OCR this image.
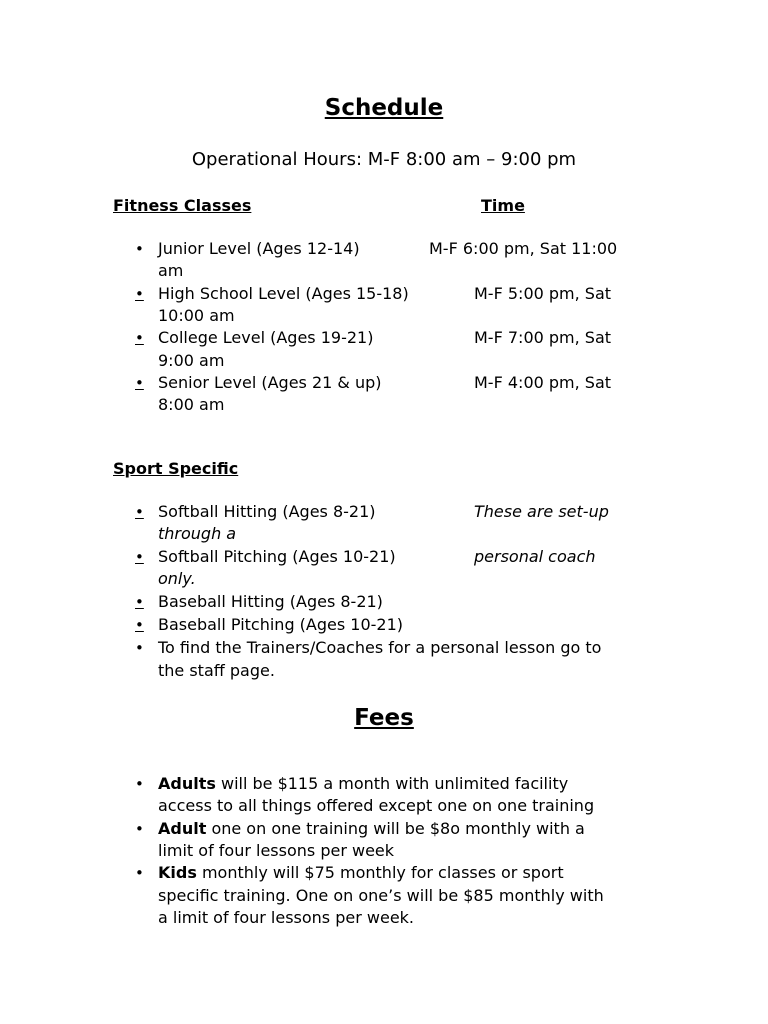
Schedule
Operational Hours: M-F 8:00 am – 9:00 pm
Fitness Classes	Time
• Junior Level (Ages 12-14)	M-F 6:00 pm, Sat 11:00
am
• High School Level (Ages 15-18)	M-F 5:00 pm, Sat
10:00 am
• College Level (Ages 19-21)	M-F 7:00 pm, Sat
9:00 am
• Senior Level (Ages 21 & up)	M-F 4:00 pm, Sat
8:00 am
Sport Specific
• Softball Hitting (Ages 8-21)	These are set-up
through a
• Softball Pitching (Ages 10-21)	personal coach
only.
• Baseball Hitting (Ages 8-21)
• Baseball Pitching (Ages 10-21)
• To find the Trainers/Coaches for a personal lesson go to
the staff page.
Fees
• Adults will be $115 a month with unlimited facility
access to all things offered except one on one training
• Adult one on one training will be $8o monthly with a
limit of four lessons per week
• Kids monthly will $75 monthly for classes or sport
specific training. One on one’s will be $85 monthly with
a limit of four lessons per week.
